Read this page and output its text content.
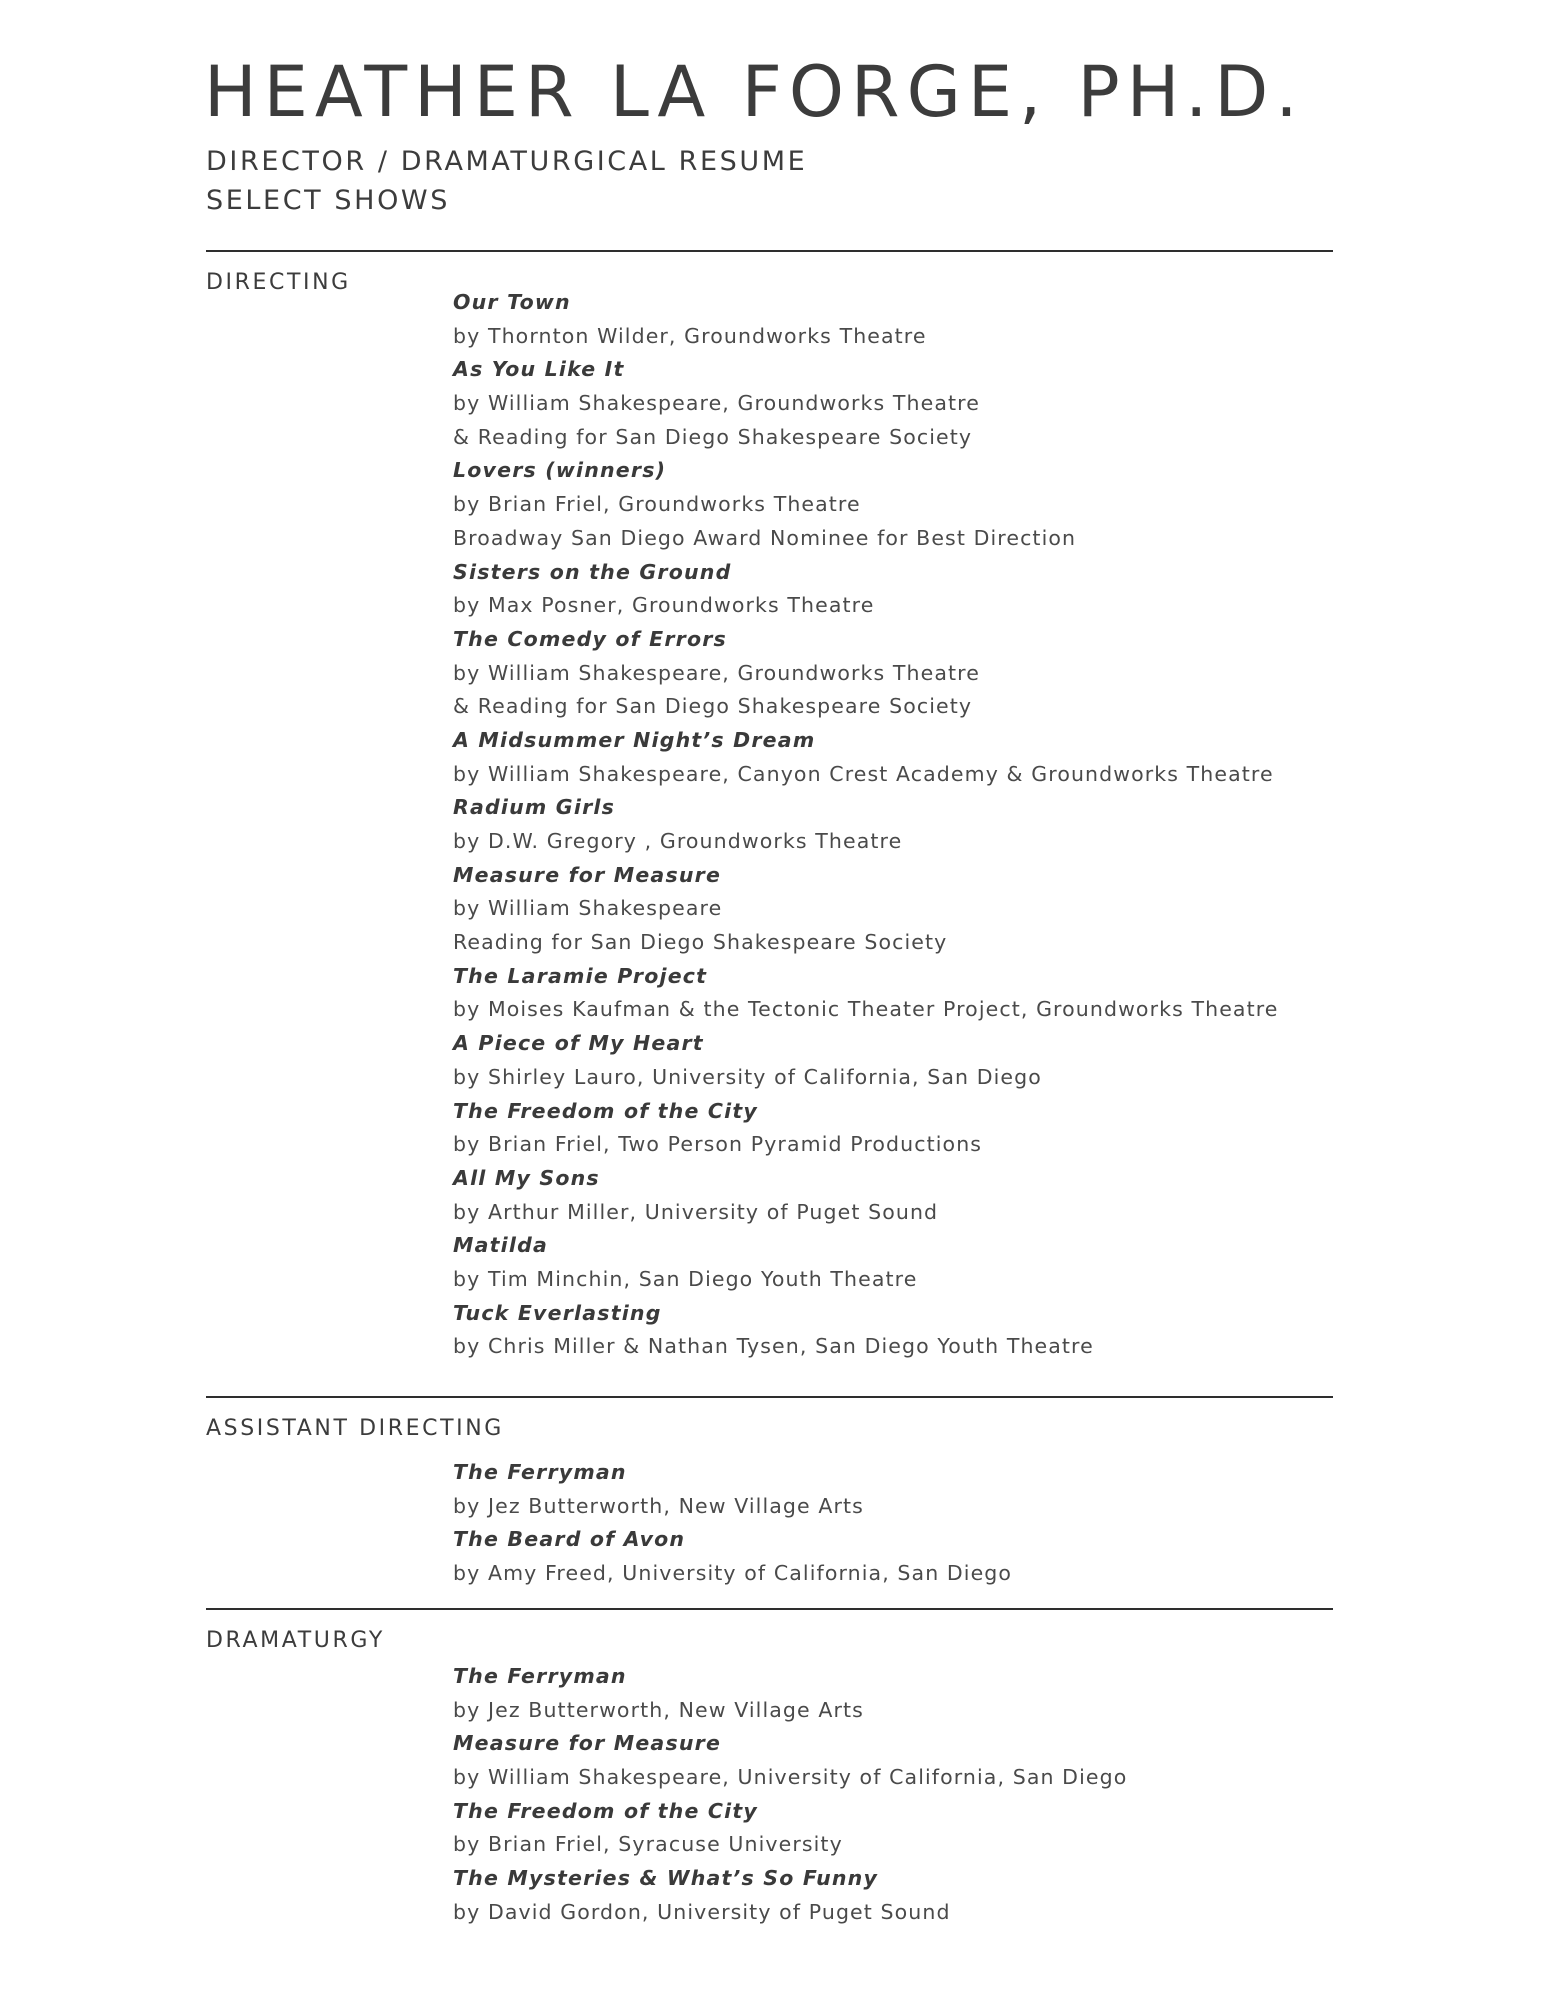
HEATHER LA FORGE, PH.D.
DIRECTOR / DRAMATURGICAL RESUME
SELECT SHOWS
DIRECTING
Our Town
by Thornton Wilder, Groundworks Theatre
As You Like It
by William Shakespeare, Groundworks Theatre
& Reading for San Diego Shakespeare Society
Lovers (winners)
by Brian Friel, Groundworks Theatre
Broadway San Diego Award Nominee for Best Direction
Sisters on the Ground
by Max Posner, Groundworks Theatre
The Comedy of Errors
by William Shakespeare, Groundworks Theatre
& Reading for San Diego Shakespeare Society
A Midsummer Night’s Dream
by William Shakespeare, Canyon Crest Academy & Groundworks Theatre
Radium Girls
by D.W. Gregory , Groundworks Theatre
Measure for Measure
by William Shakespeare
Reading for San Diego Shakespeare Society
The Laramie Project
by Moises Kaufman & the Tectonic Theater Project, Groundworks Theatre
A Piece of My Heart
by Shirley Lauro, University of California, San Diego
The Freedom of the City
by Brian Friel, Two Person Pyramid Productions
All My Sons
by Arthur Miller, University of Puget Sound
Matilda
by Tim Minchin, San Diego Youth Theatre
Tuck Everlasting
by Chris Miller & Nathan Tysen, San Diego Youth Theatre
ASSISTANT DIRECTING
The Ferryman
by Jez Butterworth, New Village Arts
The Beard of Avon
by Amy Freed, University of California, San Diego
DRAMATURGY
The Ferryman
by Jez Butterworth, New Village Arts
Measure for Measure
by William Shakespeare, University of California, San Diego
The Freedom of the City
by Brian Friel, Syracuse University
The Mysteries & What’s So Funny
by David Gordon, University of Puget Sound
